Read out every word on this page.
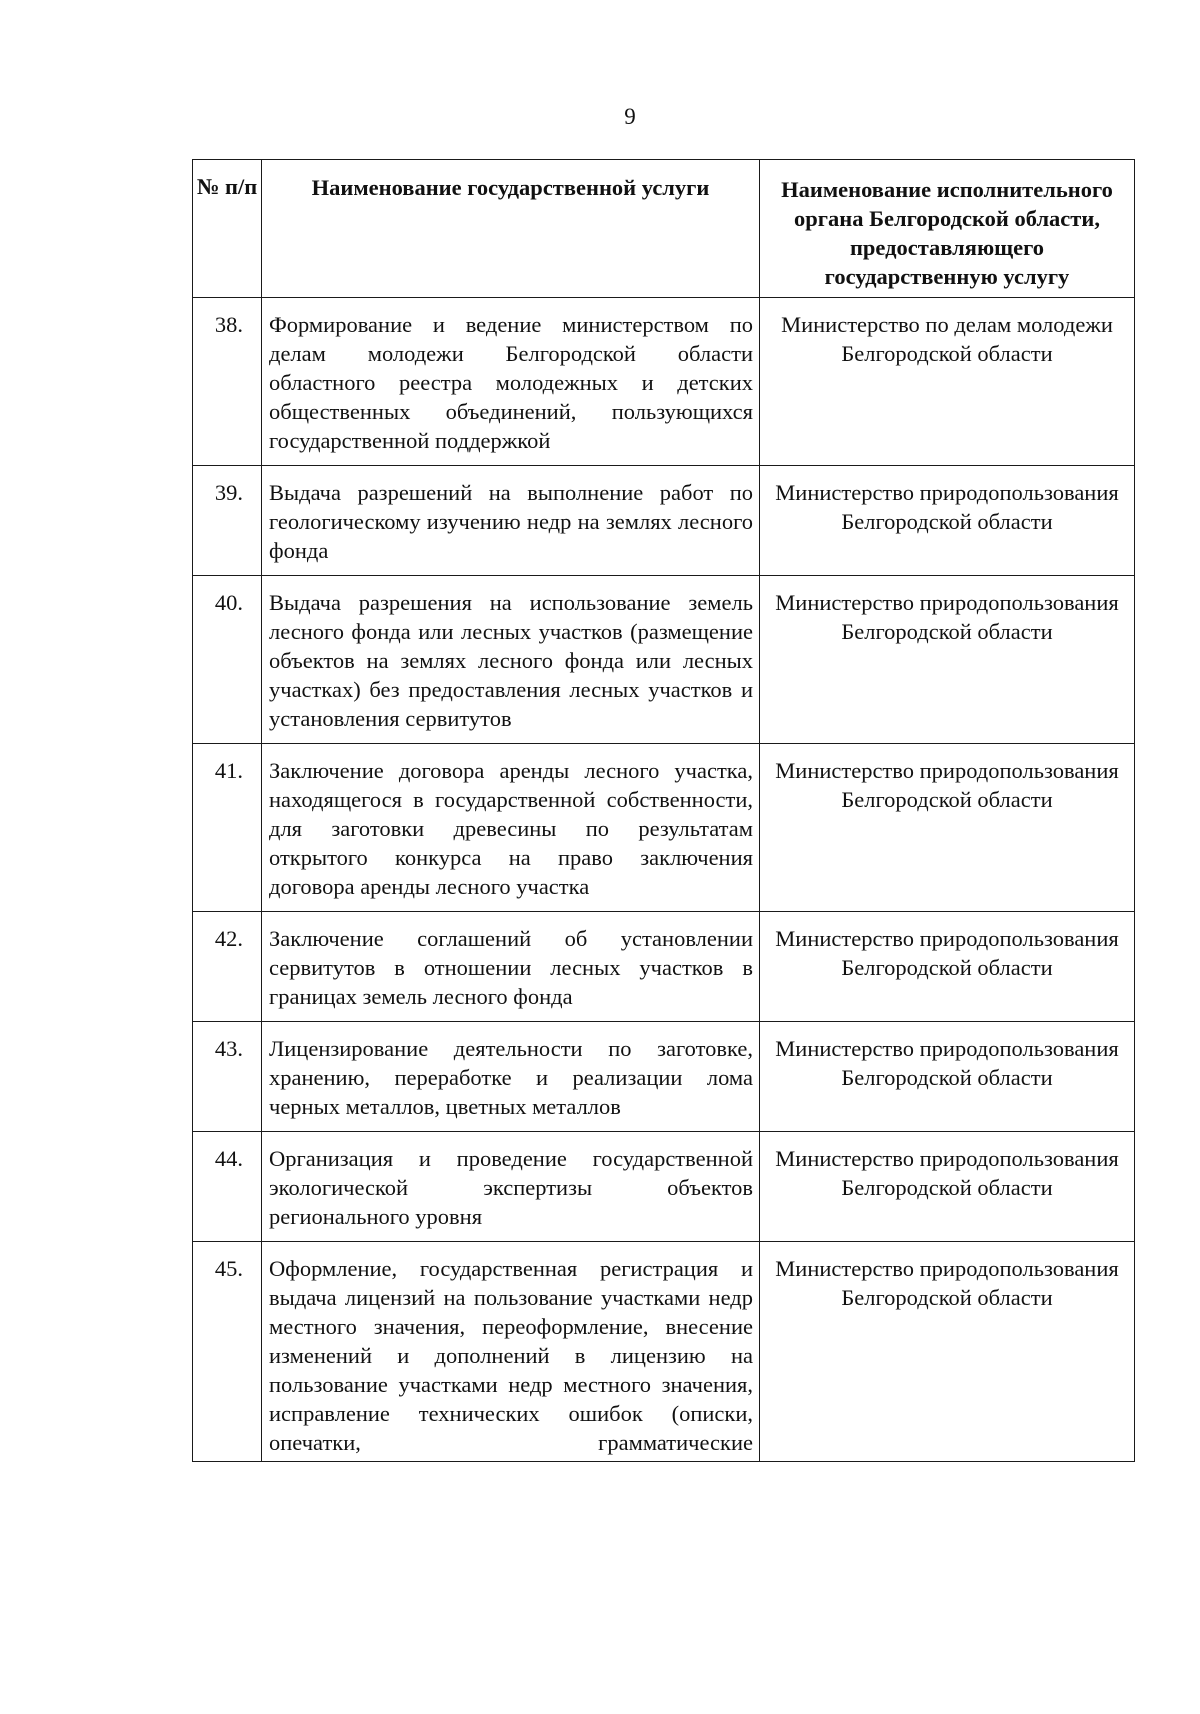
9
№ п/п	Наименование государственной услуги	Наименование исполнительного органа Белгородской области, предоставляющего государственную услугу
38.	Формирование и ведение министерством по делам молодежи Белгородской области областного реестра молодежных и детских общественных объединений, пользующихся государственной поддержкой	Министерство по делам молодежи Белгородской области
39.	Выдача разрешений на выполнение работ по геологическому изучению недр на землях лесного фонда	Министерство природопользования Белгородской области
40.	Выдача разрешения на использование земель лесного фонда или лесных участков (размещение объектов на землях лесного фонда или лесных участках) без предоставления лесных участков и установления сервитутов	Министерство природопользования Белгородской области
41.	Заключение договора аренды лесного участка, находящегося в государственной собственности, для заготовки древесины по результатам открытого конкурса на право заключения договора аренды лесного участка	Министерство природопользования Белгородской области
42.	Заключение соглашений об установлении сервитутов в отношении лесных участков в границах земель лесного фонда	Министерство природопользования Белгородской области
43.	Лицензирование деятельности по заготовке, хранению, переработке и реализации лома черных металлов, цветных металлов	Министерство природопользования Белгородской области
44.	Организация и проведение государственной экологической экспертизы объектов регионального уровня	Министерство природопользования Белгородской области
45.	Оформление, государственная регистрация и выдача лицензий на пользование участками недр местного значения, переоформление, внесение изменений и дополнений в лицензию на пользование участками недр местного значения, исправление технических ошибок (описки, опечатки, грамматические	Министерство природопользования Белгородской области
